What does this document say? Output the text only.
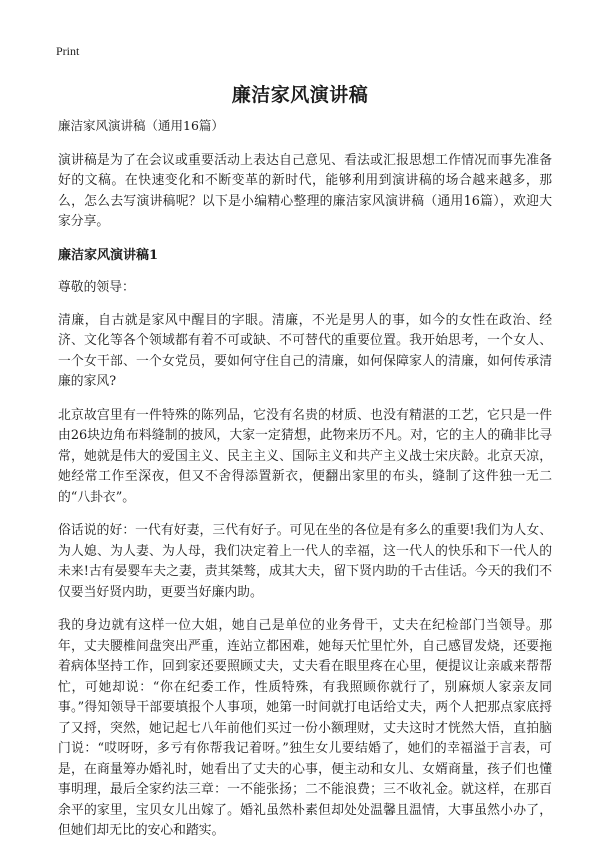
Print
廉洁家风演讲稿

廉洁家风演讲稿（通用16篇）

演讲稿是为了在会议或重要活动上表达自己意见、看法或汇报思想工作情况而事先准备好的文稿。在快速变化和不断变革的新时代，能够利用到演讲稿的场合越来越多，那么，怎么去写演讲稿呢？以下是小编精心整理的廉洁家风演讲稿（通用16篇），欢迎大家分享。

廉洁家风演讲稿1

尊敬的领导：

清廉，自古就是家风中醒目的字眼。清廉，不光是男人的事，如今的女性在政治、经济、文化等各个领域都有着不可或缺、不可替代的重要位置。我开始思考，一个女人、一个女干部、一个女党员，要如何守住自己的清廉，如何保障家人的清廉，如何传承清廉的家风?

北京故宫里有一件特殊的陈列品，它没有名贵的材质、也没有精湛的工艺，它只是一件由26块边角布料缝制的披风，大家一定猜想，此物来历不凡。对，它的主人的确非比寻常，她就是伟大的爱国主义、民主主义、国际主义和共产主义战士宋庆龄。北京天凉，她经常工作至深夜，但又不舍得添置新衣，便翻出家里的布头，缝制了这件独一无二的“八卦衣”。

俗话说的好：一代有好妻，三代有好子。可见在坐的各位是有多么的重要!我们为人女、为人媳、为人妻、为人母，我们决定着上一代人的幸福，这一代人的快乐和下一代人的未来!古有晏婴车夫之妻，责其桀骜，成其大夫，留下贤内助的千古佳话。今天的我们不仅要当好贤内助，更要当好廉内助。

我的身边就有这样一位大姐，她自己是单位的业务骨干，丈夫在纪检部门当领导。那年，丈夫腰椎间盘突出严重，连站立都困难，她每天忙里忙外，自己感冒发烧，还要拖着病体坚持工作，回到家还要照顾丈夫，丈夫看在眼里疼在心里，便提议让亲戚来帮帮忙，可她却说：“你在纪委工作，性质特殊，有我照顾你就行了，别麻烦人家亲友同事。”得知领导干部要填报个人事项，她第一时间就打电话给丈夫，两个人把那点家底捋了又捋，突然，她记起七八年前他们买过一份小额理财，丈夫这时才恍然大悟，直拍脑门说：“哎呀呀，多亏有你帮我记着呀。”独生女儿要结婚了，她们的幸福溢于言表，可是，在商量筹办婚礼时，她看出了丈夫的心事，便主动和女儿、女婿商量，孩子们也懂事明理，最后全家约法三章：一不能张扬；二不能浪费；三不收礼金。就这样，在那百余平的家里，宝贝女儿出嫁了。婚礼虽然朴素但却处处温馨且温情，大事虽然小办了，但她们却无比的安心和踏实。
